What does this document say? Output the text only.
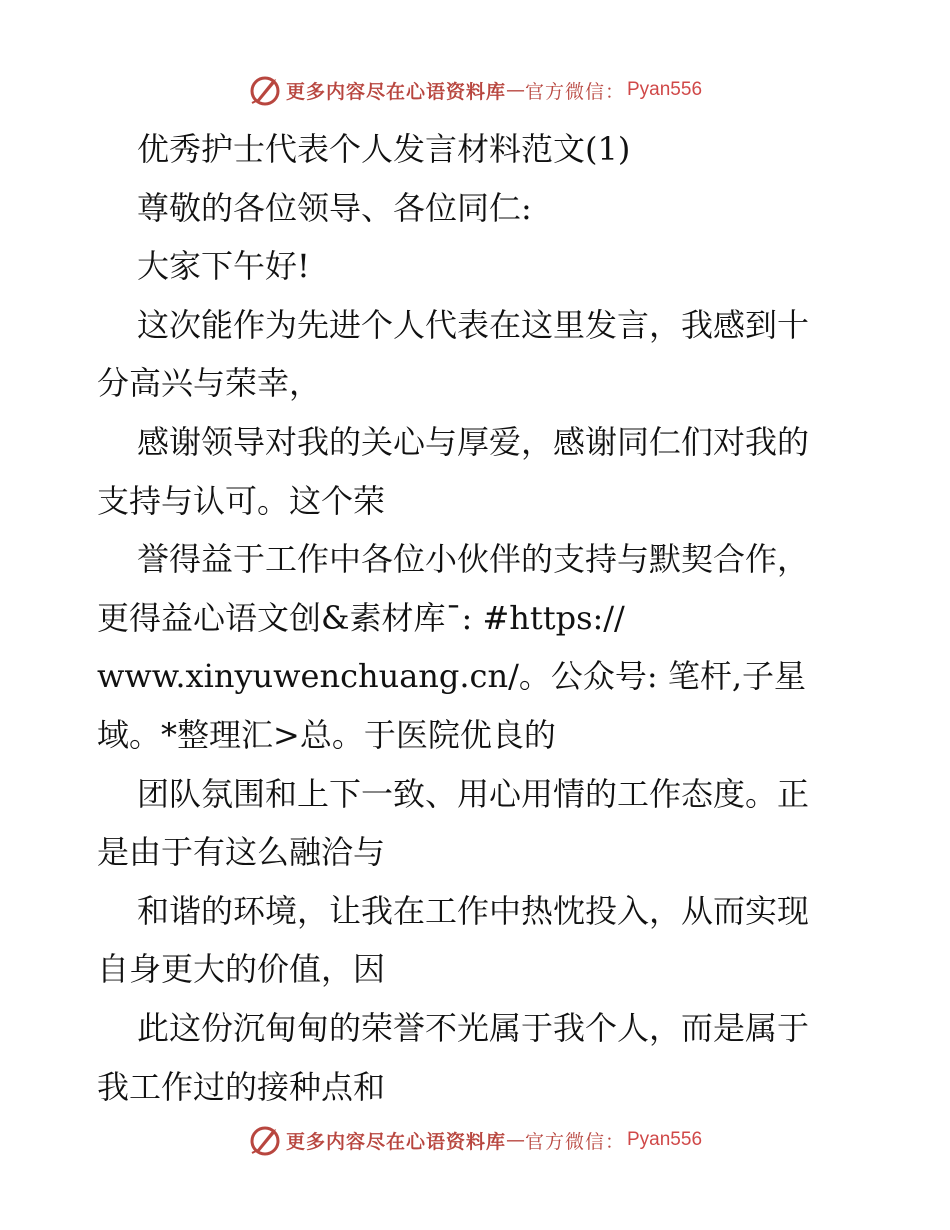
更多内容尽在心语资料库 — 官方微信： Pyan556
优秀护士代表个人发言材料范文(1)
尊敬的各位领导、各位同仁:
大家下午好!
这次能作为先进个人代表在这里发言，我感到十
分高兴与荣幸，
感谢领导对我的关心与厚爱，感谢同仁们对我的
支持与认可。这个荣
誉得益于工作中各位小伙伴的支持与默契合作，
更得益心语文创&素材库¯: #https://
www.xinyuwenchuang.cn/。公众号: 笔杆,子星
域。*整理汇>总。于医院优良的
团队氛围和上下一致、用心用情的工作态度。正
是由于有这么融洽与
和谐的环境，让我在工作中热忱投入，从而实现
自身更大的价值，因
此这份沉甸甸的荣誉不光属于我个人，而是属于
我工作过的接种点和
更多内容尽在心语资料库 — 官方微信： Pyan556
